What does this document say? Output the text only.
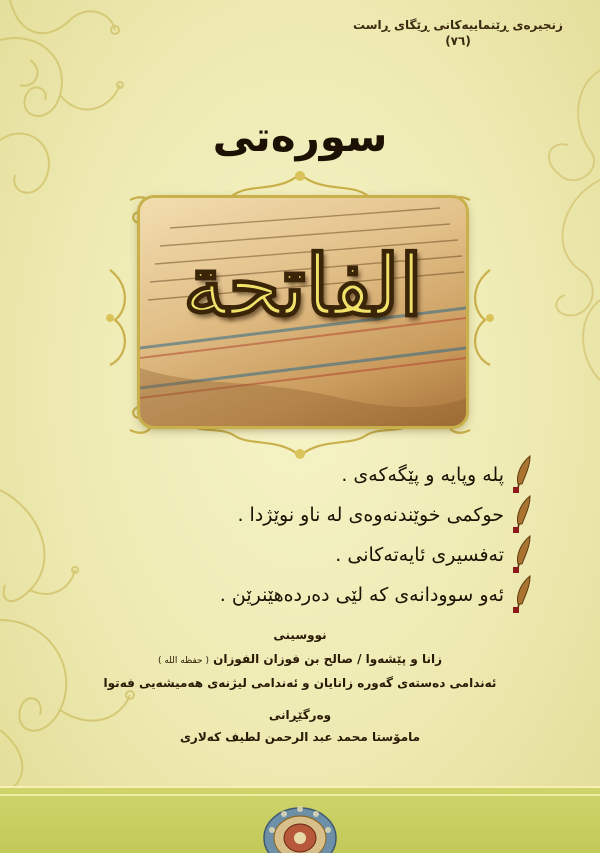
زنجیرەی ڕێنماییەكانی ڕێگای ڕاست
(٧٦)
سورەتی
الفاتحة
پلە وپایە و پێگەكەی .
حوكمی خوێندنەوەی لە ناو نوێژدا .
تەفسیری ئایەتەكانی .
ئەو سوودانەی كە لێی دەردەهێنرێن .
نووسینی
زانا و پێشەوا / صالح بن فوزان الفوزان ( حفظه الله )
ئەندامی دەستەی گەورە زانایان و ئەندامی لیژنەی هەمیشەیی فەتوا
وەرگێڕانی
مامۆستا محمد عبد الرحمن لطیف كەلاری
